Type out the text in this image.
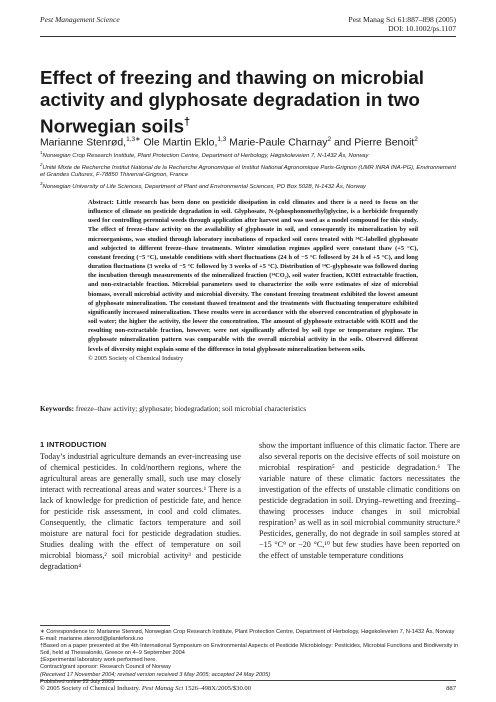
Pest Management Science	Pest Manag Sci 61:887–898 (2005)
DOI: 10.1002/ps.1107
Effect of freezing and thawing on microbial activity and glyphosate degradation in two Norwegian soils†
Marianne Stenrød,$^{1,3∗}$ Ole Martin Eklo,$^{1,3}$ Marie-Paule Charnay$^2$ and Pierre Benoit$^2$
$^1$Norwegian Crop Research Institute, Plant Protection Centre, Department of Herbology, Høgskoleveien 7, N-1432 Ås, Norway
$^2$Unité Mixte de Recherche Institut National de la Recherche Agronomique et Institut National Agronomique Paris-Grignon (UMR INRA INA-PG), Environnement et Grandes Cultures, F-78850 Thiverval-Grignon, France
$^3$Norwegian University of Life Sciences, Department of Plant and Environmental Sciences, PO Box 5028, N-1432 Ås, Norway
Abstract: Little research has been done on pesticide dissipation in cold climates and there is a need to focus on the influence of climate on pesticide degradation in soil. Glyphosate, N-(phosphonomethyl)glycine, is a herbicide frequently used for controlling perennial weeds through application after harvest and was used as a model compound for this study. The effect of freeze–thaw activity on the availability of glyphosate in soil, and consequently its mineralization by soil microorganisms, was studied through laboratory incubations of repacked soil cores treated with ¹⁴C-labelled glyphosate and subjected to different freeze–thaw treatments. Winter simulation regimes applied were constant thaw (+5 °C), constant freezing (−5 °C), unstable conditions with short fluctuations (24 h of −5 °C followed by 24 h of +5 °C), and long duration fluctuations (3 weeks of −5 °C followed by 3 weeks of +5 °C). Distribution of ¹⁴C-glyphosate was followed during the incubation through measurements of the mineralized fraction (¹⁴CO₂), soil water fraction, KOH extractable fraction, and non-extractable fraction. Microbial parameters used to characterize the soils were estimates of size of microbial biomass, overall microbial activity and microbial diversity. The constant freezing treatment exhibited the lowest amount of glyphosate mineralization. The constant thawed treatment and the treatments with fluctuating temperature exhibited significantly increased mineralization. These results were in accordance with the observed concentration of glyphosate in soil water; the higher the activity, the lower the concentration. The amount of glyphosate extractable with KOH and the resulting non-extractable fraction, however, were not significantly affected by soil type or temperature regime. The glyphosate mineralization pattern was comparable with the overall microbial activity in the soils. Observed different levels of diversity might explain some of the difference in total glyphosate mineralization between soils.
© 2005 Society of Chemical Industry
Keywords: freeze–thaw activity; glyphosate; biodegradation; soil microbial characteristics
1 INTRODUCTION

Today’s industrial agriculture demands an ever-increasing use of chemical pesticides. In cold/northern regions, where the agricultural areas are generally small, such use may closely interact with recreational areas and water sources.¹ There is a lack of knowledge for prediction of pesticide fate, and hence for pesticide risk assessment, in cool and cold climates. Consequently, the climatic factors temperature and soil moisture are natural foci for pesticide degradation studies. Studies dealing with the effect of temperature on soil microbial biomass,² soil microbial activity³ and pesticide degradation⁴

show the important influence of this climatic factor. There are also several reports on the decisive effects of soil moisture on microbial respiration⁵ and pesticide degradation.⁶ The variable nature of these climatic factors necessitates the investigation of the effects of unstable climatic conditions on pesticide degradation in soil. Drying–rewetting and freezing–thawing processes induce changes in soil microbial respiration⁷ as well as in soil microbial community structure.⁸ Pesticides, generally, do not degrade in soil samples stored at −15 °C⁹ or −20 °C,¹⁰ but few studies have been reported on the effect of unstable temperature conditions

∗ Correspondence to: Marianne Stenrød, Norwegian Crop Research Institute, Plant Protection Centre, Department of Herbology, Høgskoleveien 7, N-1432 Ås, Norway

E-mail: marianne.stenrod@planteforsk.no

†Based on a paper presented at the 4th International Symposium on Environmental Aspects of Pesticide Microbiology: Pesticides, Microbial Functions and Biodiversity in Soil, held at Thessaloniki, Greece on 4–9 September 2004

‡Experimental laboratory work performed here.

Contract/grant sponsor: Research Council of Norway

(Received 17 November 2004; revised version received 3 May 2005; accepted 24 May 2005)

Published online 22 July 2005

© 2005 Society of Chemical Industry. Pest Manag Sci 1526–498X/2005/$30.00	887
